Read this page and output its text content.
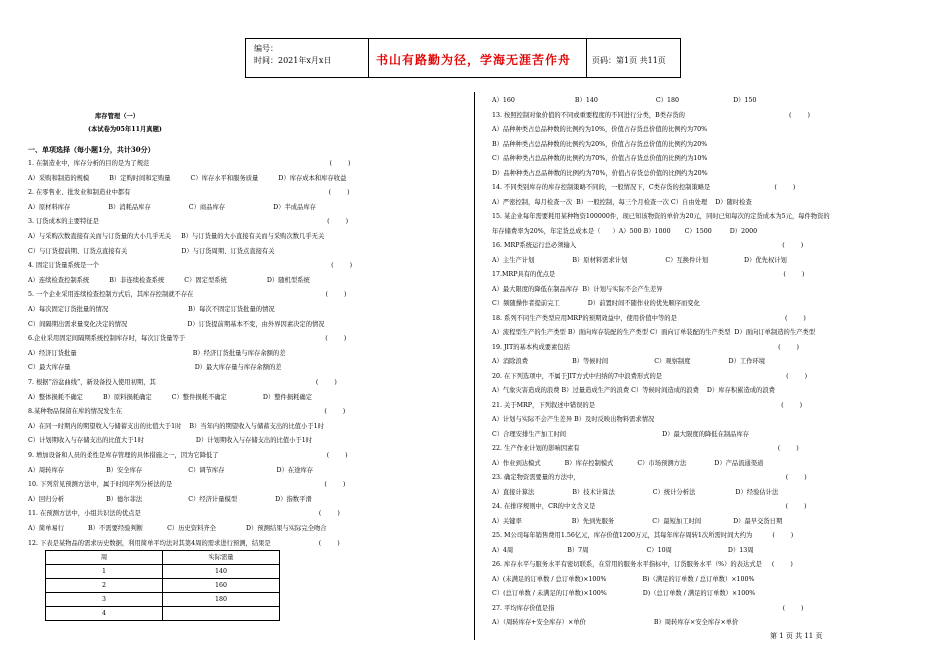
编号：
时间：2021年x月x日	书山有路勤为径，学海无涯苦作舟	页码：第1页 共11页
库存管理（一）
(本试卷为05年11月真题)
一、单项选择（每小题1分，共计30分）
1. 在制造业中，库存分析的目的是为了规范                                                                                          (        )
A）采购和制造的规模          B）定购时间和定购量          C）库存水平和服务质量          D）库存成本和库存收益
2. 在零售业、批发业和制造业中都有                                                                                                   (        )
A）原材料库存                   B）消耗品库存                   C）商品库存                        D）半成品库存
3. 订货成本的主要特征是                                                                                                                  (        )
A）与采购次数直接有关而与订货量的大小几乎无关     B）与订货量的大小直接有关而与采购次数几乎无关
C）与订货提前期、订货点直接有关                           D）与订货周期、订货点直接有关
4. 固定订货量系统是一个                                                                                                                    (        )
A）连续检查控制系统          B）非连续检查系统          C）固定型系统                    D）随机型系统
5. 一个企业采用连续检查控制方式后，其库存控制就不存在                                                                  (        )
A）每次固定订货批量的情况                                        B）每次不固定订货批量的情况
C）间隔期出需求量变化决定的情况                              D）订货提前期基本不变，由外界因素决定的情况
6.企业采用固定间隔期系统控制库存时，每次订货量等于                                                                      (        )
A）经济订货批量                                                          B）经济订货批量与库存余额的差
C）最大库存量                                                              D）最大库存量与库存余额的差
7. 根据“浴盆曲线”，新设备投入使用初期，其                                                                                (        )
A）整体损耗不确定          B）原料损耗确定          C）整件损耗不确定                  D）整件损耗确定
8.某种物品保留在库的情况发生在                                                                                                     (        )
A）在同一时期内的期望收入与储蓄支出的比值大于1时    B）当年内的期望收入与储蓄支出的比值小于1时
C）计划期收入与存储支出的比值大于1时                          D）计划期收入与存储支出的比值小于1时
9. 增加设备和人员的柔性是库存管理的具体措施之一，因为它降低了                                                      (        )
A）周转库存                     B）安全库存                       C）调节库存                          D）在途库存
10. 下列常见预测方法中，属于时间序列分析法的是                                                                            (        )
A）回归分析                     B）德尔菲法                       C）经济计量模型                   D）指数平滑
11. 在预测方法中，小组共识法的优点是                                                                                         (        )
A）简单易行            B）不需要经验判断            C）历史资料齐全               D）预测结果与实际完全吻合
12. 下表是某物品的需求历史数据，利用简单平均法对其第4周的需求进行预测，结果是                        (        )
周	实际需量
1	140
2	160
3	180
4	
A）160                              B）140                             C）180                           D）150
13. 按照控制对象价值的不同或重要程度的不同进行分类，B类存货的                                                    (        )
A）品种种类占总品种数的比例约为10%，价值占存货总价值的比例约为70%
B）品种种类占总品种数的比例约为20%，价值占存货总价值的比例约为20%
C）品种种类占总品种数的比例约为70%，价值占存货总价值的比例约为10%
D）品种种类占总品种数的比例约为70%，价值占存货总价值的比例约为20%
14. 不同类别库存的库存控制策略不同的，一般情况下，C类存货的控制策略是                                (        )
A）严密控制，每月检查一次  B）一般控制，每三个月检查一次 C）自由处理    D）随时检查
15. 某企业每年需要耗用某种物资100000件，现已知该物资的单价为20元，同时已知每次的定货成本为5元，每件物资的
年存储费率为20%，年定货总成本是（      ）A）500 B）1000       C）1500         D）2000
16. MRP系统运行总必须输入                                                                                                       (        )
A）主生产计划                   B）原材料需求计划                   C）互换件计划                  D）优先权计划
17.MRP具有的优点是                                                                                                                  (        )
A）最大限度的降低在制品库存  B）计划与实际不会产生差异
C）频随操作者提前完工              D）前置时间不随作业的优先顺序而变化
18. 系列不同生产类型应用MRP的预期效益中，使用价值中等的是                                                      (        )
A）流程型生产的生产类型 B）面向库存装配的生产类型 C）面向订单装配的生产类型  D）面向订单制造的生产类型
19. JIT的基本构成要素包括                                                                                                        (        )
A）消除浪费                      B）等候时间                       C）观察制度                   D）工作环境
20. 在下列选项中，不属于JIT方式中归纳的7中浪费形式的是                                                              (        )
A）气象灾害造成的浪费 B）过量造成生产的浪费 C）等候时间造成的浪费    D）库存积累造成的浪费
21. 关于MRP，下列叙述中错误的是                                                                                             (        )
A）计划与实际不会产生差异 B）及时反映出物料需求情况
C）合理安排生产加工时间                                                D）最大限度的降低在制品库存
22. 生产作业计划的影响因素有                                                                                                   (        )
A）作业到达模式            B）库存控制模式            C）市场预测方法              D）产品流通渠道
23. 确定物资需要量的方法中，                                                                                                       (        )
A）直接计算法                   B）技术计算法                   C）统计分析法                    D）经验估计法
24. 在排序规则中，CR的中文含义是                                                                                               (        )
A）关键率                         B）先到先服务                   C）最短加工时间                D）最早交货日期
25. M公司每年销售费用1.56亿元，库存价值1200万元，其每年库存周转1次所需时间大约为          (        )
A）4周                           B）7周                             C）10周                            D）13周
26. 库存水平与服务水平有密切联系，在常用的服务水平指标中，订货服务水平（%）的表达式是     (        )
A）(未满足的订单数 / 总订单数)×100%                  B)（满足的订单数 / 总订单数）×100%
C）(总订单数 / 未满足的订单数)×100%                  D)（总订单数 / 满足的订单数）×100%
27. 平均库存价值是指                                                                                                                  (        )
A）（周转库存+安全库存）×单价                                  B）周转库存×安全库存×单价
第 1 页 共 11 页
